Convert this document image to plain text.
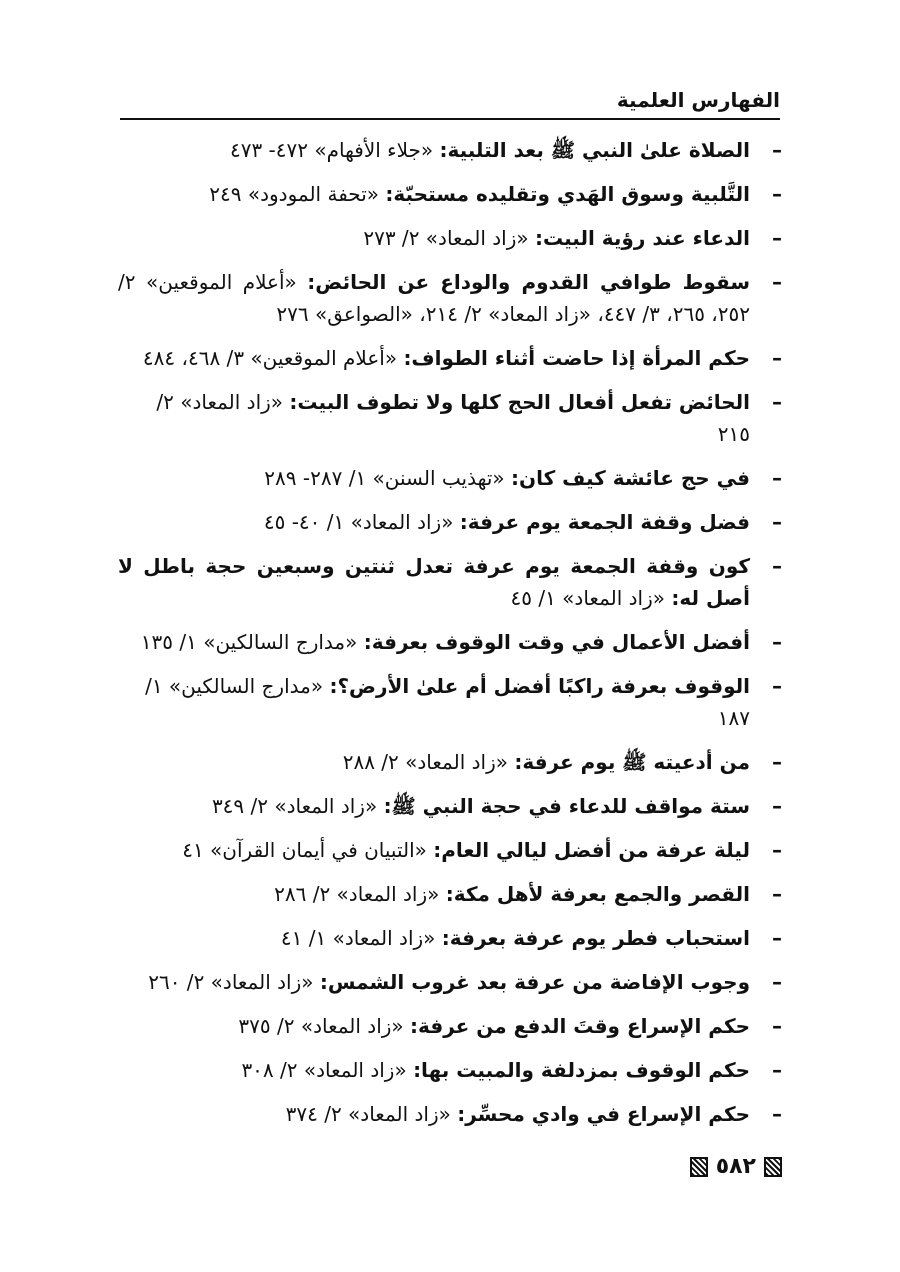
الفهارس العلمية
–
الصلاة علىٰ النبي ﷺ بعد التلبية: «جلاء الأفهام» ٤٧٢- ٤٧٣
–
التَّلبية وسوق الهَدي وتقليده مستحبّة: «تحفة المودود» ٢٤٩
–
الدعاء عند رؤية البيت: «زاد المعاد» ٢/ ٢٧٣
–
سقوط طوافي القدوم والوداع عن الحائض: «أعلام الموقعين» ٢/ ٢٥٢، ٢٦٥، ٣/ ٤٤٧، «زاد المعاد» ٢/ ٢١٤، «الصواعق» ٢٧٦
–
حكم المرأة إذا حاضت أثناء الطواف: «أعلام الموقعين» ٣/ ٤٦٨، ٤٨٤
–
الحائض تفعل أفعال الحج كلها ولا تطوف البيت: «زاد المعاد» ٢/ ٢١٥
–
في حج عائشة كيف كان: «تهذيب السنن» ١/ ٢٨٧- ٢٨٩
–
فضل وقفة الجمعة يوم عرفة: «زاد المعاد» ١/ ٤٠- ٤٥
–
كون وقفة الجمعة يوم عرفة تعدل ثنتين وسبعين حجة باطل لا أصل له: «زاد المعاد» ١/ ٤٥
–
أفضل الأعمال في وقت الوقوف بعرفة: «مدارج السالكين» ١/ ١٣٥
–
الوقوف بعرفة راكبًا أفضل أم علىٰ الأرض؟: «مدارج السالكين» ١/ ١٨٧
–
من أدعيته ﷺ يوم عرفة: «زاد المعاد» ٢/ ٢٨٨
–
ستة مواقف للدعاء في حجة النبي ﷺ: «زاد المعاد» ٢/ ٣٤٩
–
ليلة عرفة من أفضل ليالي العام: «التبيان في أيمان القرآن» ٤١
–
القصر والجمع بعرفة لأهل مكة: «زاد المعاد» ٢/ ٢٨٦
–
استحباب فطر يوم عرفة بعرفة: «زاد المعاد» ١/ ٤١
–
وجوب الإفاضة من عرفة بعد غروب الشمس: «زاد المعاد» ٢/ ٢٦٠
–
حكم الإسراع وقتَ الدفع من عرفة: «زاد المعاد» ٢/ ٣٧٥
–
حكم الوقوف بمزدلفة والمبيت بها: «زاد المعاد» ٢/ ٣٠٨
–
حكم الإسراع في وادي محسِّر: «زاد المعاد» ٢/ ٣٧٤
٥٨٢
